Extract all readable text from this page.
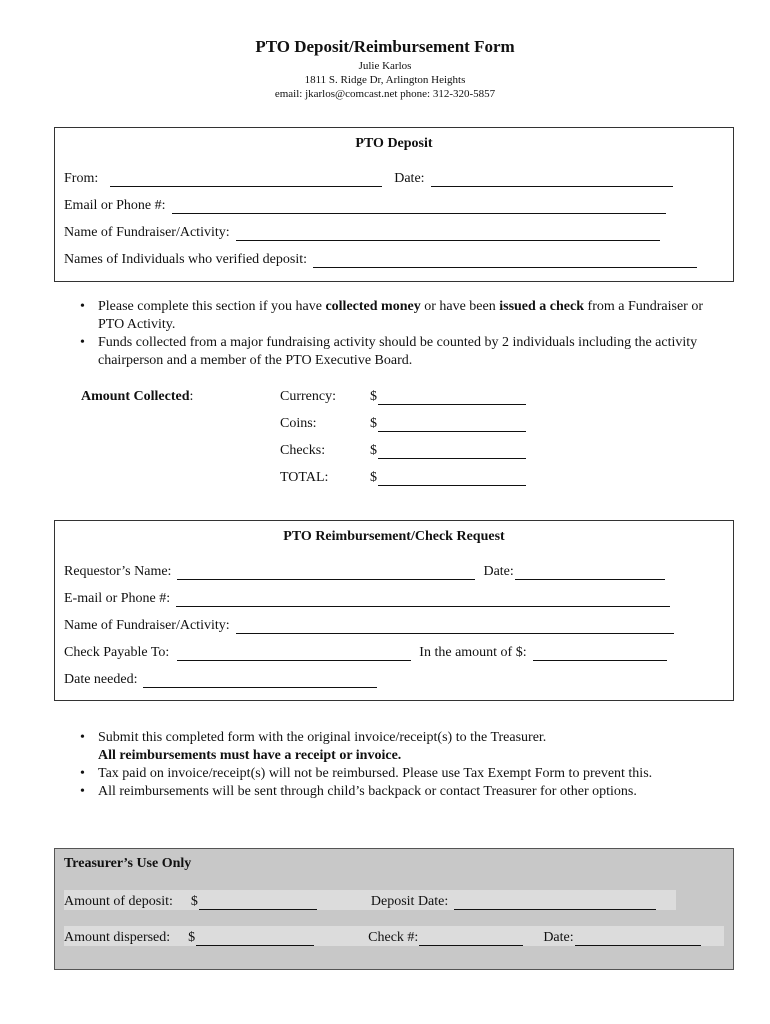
PTO Deposit/Reimbursement Form
Julie Karlos
1811 S. Ridge Dr, Arlington Heights
email: jkarlos@comcast.net phone: 312-320-5857
PTO Deposit
From:	Date:
Email or Phone #:
Name of Fundraiser/Activity:
Names of Individuals who verified deposit:
• Please complete this section if you have collected money or have been issued a check from a Fundraiser or PTO Activity.
• Funds collected from a major fundraising activity should be counted by 2 individuals including the activity chairperson and a member of the PTO Executive Board.
Amount Collected:	Currency:	$
Coins:	$
Checks:	$
TOTAL:	$
PTO Reimbursement/Check Request
Requestor’s Name:	Date:
E-mail or Phone #:
Name of Fundraiser/Activity:
Check Payable To:	In the amount of $:
Date needed:
• Submit this completed form with the original invoice/receipt(s) to the Treasurer.
All reimbursements must have a receipt or invoice.
• Tax paid on invoice/receipt(s) will not be reimbursed. Please use Tax Exempt Form to prevent this.
• All reimbursements will be sent through child’s backpack or contact Treasurer for other options.
Treasurer’s Use Only
Amount of deposit: $	Deposit Date:
Amount dispersed: $	Check #:	Date:
